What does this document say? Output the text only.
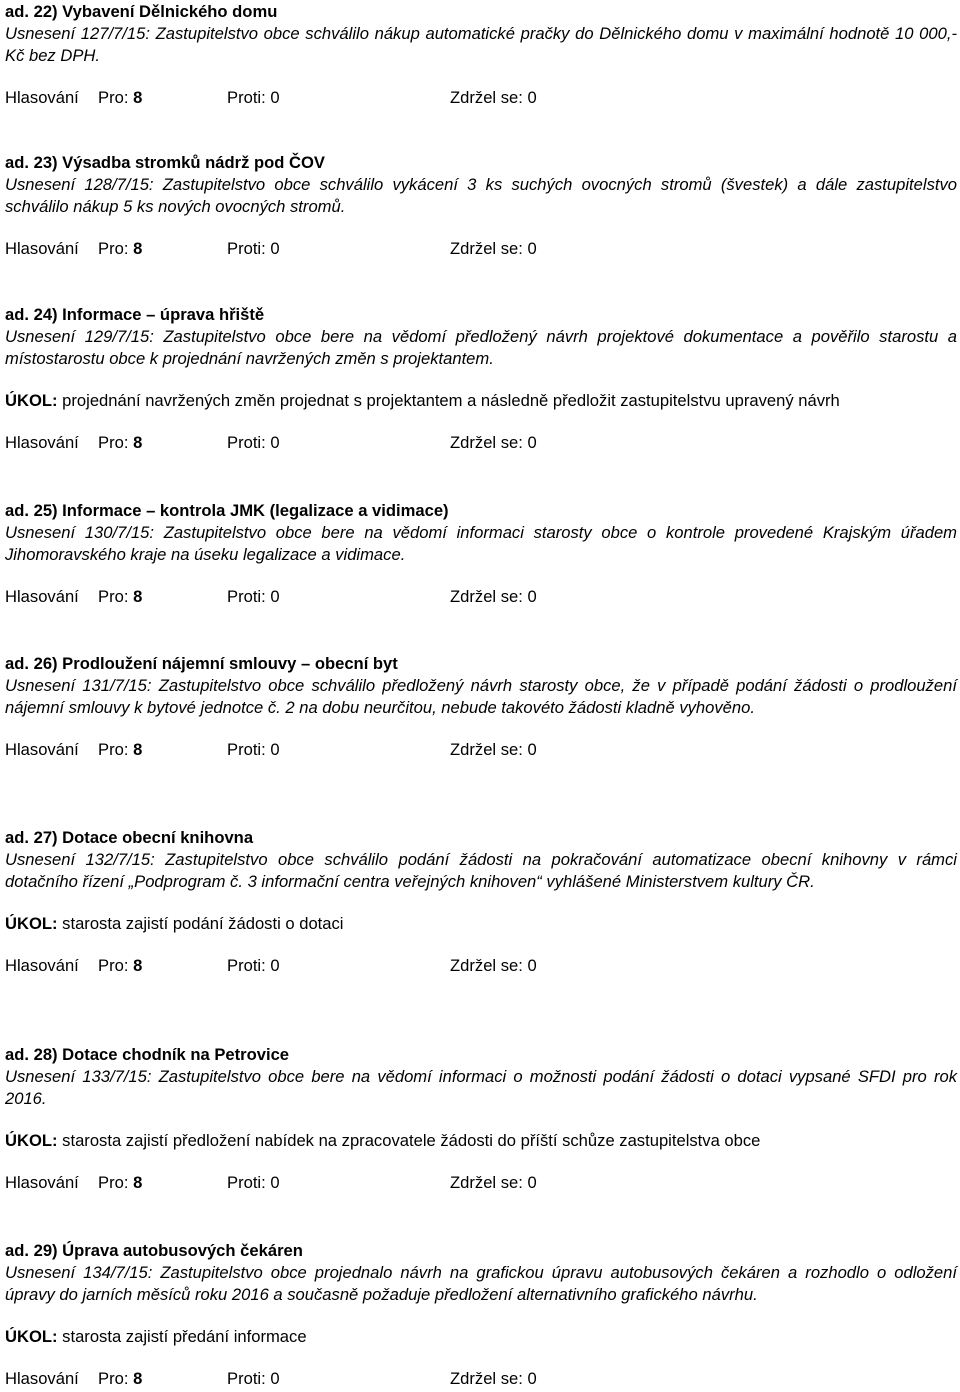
ad. 22) Vybavení Dělnického domu
Usnesení 127/7/15: Zastupitelstvo obce schválilo nákup automatické pračky do Dělnického domu v maximální hodnotě 10 000,- Kč bez DPH.
Hlasování Pro: 8	Proti: 0	Zdržel se: 0
ad. 23) Výsadba stromků nádrž pod ČOV
Usnesení 128/7/15: Zastupitelstvo obce schválilo vykácení 3 ks suchých ovocných stromů (švestek) a dále zastupitelstvo schválilo nákup 5 ks nových ovocných stromů.
Hlasování Pro: 8	Proti: 0	Zdržel se: 0
ad. 24) Informace – úprava hřiště
Usnesení 129/7/15: Zastupitelstvo obce bere na vědomí předložený návrh projektové dokumentace a pověřilo starostu a místostarostu obce k projednání navržených změn s projektantem.
ÚKOL: projednání navržených změn projednat s projektantem a následně předložit zastupitelstvu upravený návrh
Hlasování Pro: 8	Proti: 0	Zdržel se: 0
ad. 25) Informace – kontrola JMK (legalizace a vidimace)
Usnesení 130/7/15: Zastupitelstvo obce bere na vědomí informaci starosty obce o kontrole provedené Krajským úřadem Jihomoravského kraje na úseku legalizace a vidimace.
Hlasování Pro: 8	Proti: 0	Zdržel se: 0
ad. 26) Prodloužení nájemní smlouvy – obecní byt
Usnesení 131/7/15: Zastupitelstvo obce schválilo předložený návrh starosty obce, že v případě podání žádosti o prodloužení nájemní smlouvy k bytové jednotce č. 2 na dobu neurčitou, nebude takovéto žádosti kladně vyhověno.
Hlasování Pro: 8	Proti: 0	Zdržel se: 0
ad. 27) Dotace obecní knihovna
Usnesení 132/7/15: Zastupitelstvo obce schválilo podání žádosti na pokračování automatizace obecní knihovny v rámci dotačního řízení „Podprogram č. 3 informační centra veřejných knihoven“ vyhlášené Ministerstvem kultury ČR.
ÚKOL: starosta zajistí podání žádosti o dotaci
Hlasování Pro: 8	Proti: 0	Zdržel se: 0
ad. 28) Dotace chodník na Petrovice
Usnesení 133/7/15: Zastupitelstvo obce bere na vědomí informaci o možnosti podání žádosti o dotaci vypsané SFDI pro rok 2016.
ÚKOL: starosta zajistí předložení nabídek na zpracovatele žádosti do příští schůze zastupitelstva obce
Hlasování Pro: 8	Proti: 0	Zdržel se: 0
ad. 29) Úprava autobusových čekáren
Usnesení 134/7/15: Zastupitelstvo obce projednalo návrh na grafickou úpravu autobusových čekáren a rozhodlo o odložení úpravy do jarních měsíců roku 2016 a současně požaduje předložení alternativního grafického návrhu.
ÚKOL: starosta zajistí předání informace
Hlasování Pro: 8	Proti: 0	Zdržel se: 0
